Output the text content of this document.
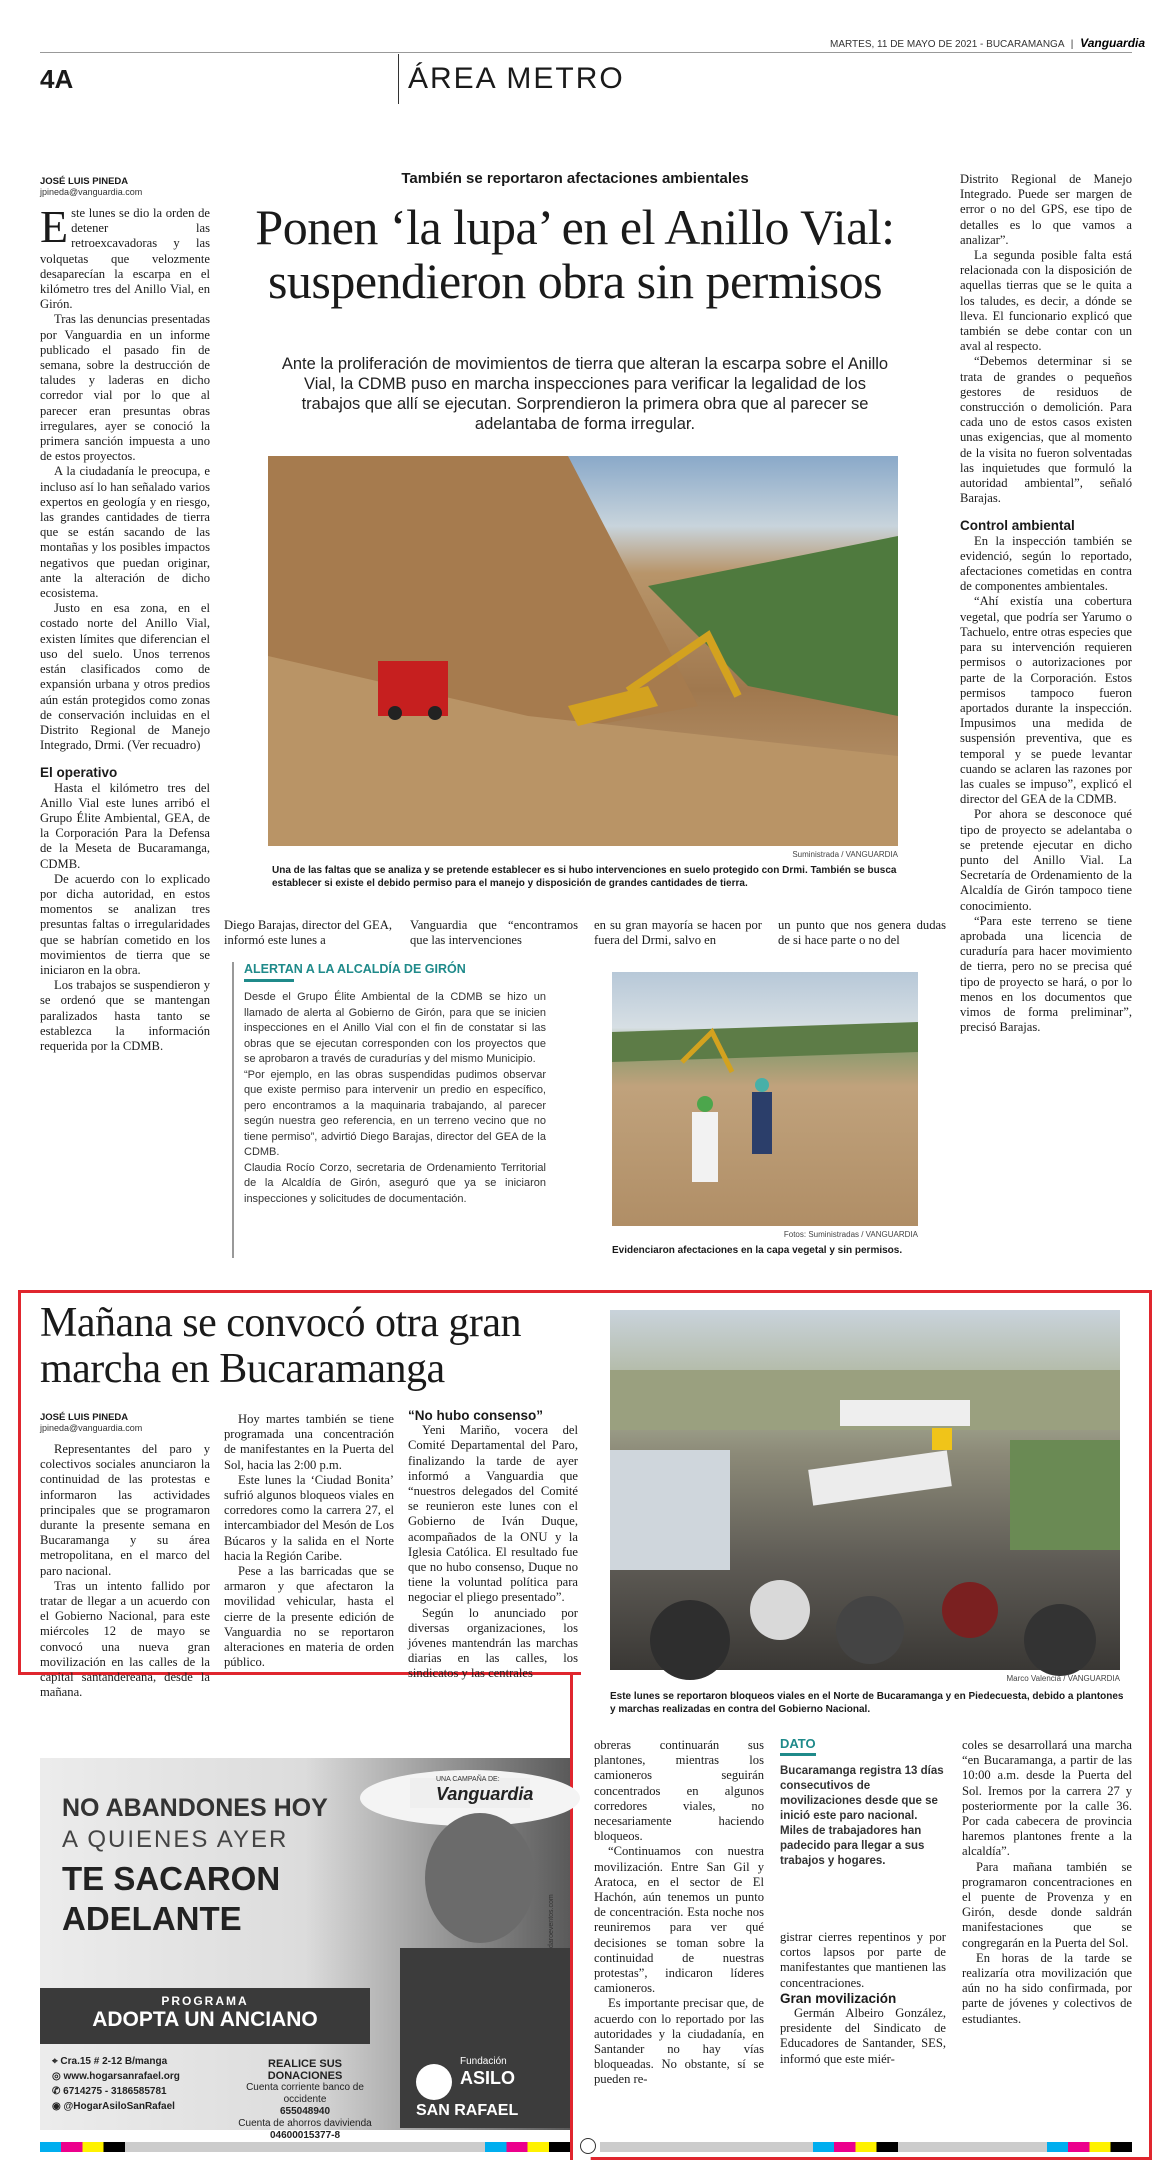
MARTES, 11 DE MAYO DE 2021 - BUCARAMANGA | Vanguardia
4A	ÁREA METRO
JOSÉ LUIS PINEDA
jpineda@vanguardia.com
También se reportaron afectaciones ambientales
Ponen ‘la lupa’ en el Anillo Vial: suspendieron obra sin permisos
Ante la proliferación de movimientos de tierra que alteran la escarpa sobre el Anillo Vial, la CDMB puso en marcha inspecciones para verificar la legalidad de los trabajos que allí se ejecutan. Sorprendieron la primera obra que al parecer se adelantaba de forma irregular.

Este lunes se dio la orden de detener las retroexcavadoras y las volquetas que velozmente desaparecían la escarpa en el kilómetro tres del Anillo Vial, en Girón.

Tras las denuncias presentadas por Vanguardia en un informe publicado el pasado fin de semana, sobre la destrucción de taludes y laderas en dicho corredor vial por lo que al parecer eran presuntas obras irregulares, ayer se conoció la primera sanción impuesta a uno de estos proyectos.

A la ciudadanía le preocupa, e incluso así lo han señalado varios expertos en geología y en riesgo, las grandes cantidades de tierra que se están sacando de las montañas y los posibles impactos negativos que puedan originar, ante la alteración de dicho ecosistema.

Justo en esa zona, en el costado norte del Anillo Vial, existen límites que diferencian el uso del suelo. Unos terrenos están clasificados como de expansión urbana y otros predios aún están protegidos como zonas de conservación incluidas en el Distrito Regional de Manejo Integrado, Drmi. (Ver recuadro)

El operativo

Hasta el kilómetro tres del Anillo Vial este lunes arribó el Grupo Élite Ambiental, GEA, de la Corporación Para la Defensa de la Meseta de Bucaramanga, CDMB.

De acuerdo con lo explicado por dicha autoridad, en estos momentos se analizan tres presuntas faltas o irregularidades que se habrían cometido en los movimientos de tierra que se iniciaron en la obra.

Los trabajos se suspendieron y se ordenó que se mantengan paralizados hasta tanto se establezca la información requerida por la CDMB.

Suministrada / VANGUARDIA
Una de las faltas que se analiza y se pretende establecer es si hubo intervenciones en suelo protegido con Drmi. También se busca establecer si existe el debido permiso para el manejo y disposición de grandes cantidades de tierra.
Diego Barajas, director del GEA, informó este lunes a
Vanguardia que “encontramos que las intervenciones
en su gran mayoría se hacen por fuera del Drmi, salvo en
un punto que nos genera dudas de si hace parte o no del
ALERTAN A LA ALCALDÍA DE GIRÓN
Desde el Grupo Élite Ambiental de la CDMB se hizo un llamado de alerta al Gobierno de Girón, para que se inicien inspecciones en el Anillo Vial con el fin de constatar si las obras que se ejecutan corresponden con los proyectos que se aprobaron a través de curadurías y del mismo Municipio.
“Por ejemplo, en las obras suspendidas pudimos observar que existe permiso para intervenir un predio en específico, pero encontramos a la maquinaria trabajando, al parecer según nuestra geo referencia, en un terreno vecino que no tiene permiso”, advirtió Diego Barajas, director del GEA de la CDMB.
Claudia Rocío Corzo, secretaria de Ordenamiento Territorial de la Alcaldía de Girón, aseguró que ya se iniciaron inspecciones y solicitudes de documentación.
Fotos: Suministradas / VANGUARDIA
Evidenciaron afectaciones en la capa vegetal y sin permisos.

Distrito Regional de Manejo Integrado. Puede ser margen de error o no del GPS, ese tipo de detalles es lo que vamos a analizar”.

La segunda posible falta está relacionada con la disposición de aquellas tierras que se le quita a los taludes, es decir, a dónde se lleva. El funcionario explicó que también se debe contar con un aval al respecto.

“Debemos determinar si se trata de grandes o pequeños gestores de residuos de construcción o demolición. Para cada uno de estos casos existen unas exigencias, que al momento de la visita no fueron solventadas las inquietudes que formuló la autoridad ambiental”, señaló Barajas.

Control ambiental

En la inspección también se evidenció, según lo reportado, afectaciones cometidas en contra de componentes ambientales.

“Ahí existía una cobertura vegetal, que podría ser Yarumo o Tachuelo, entre otras especies que para su intervención requieren permisos o autorizaciones por parte de la Corporación. Estos permisos tampoco fueron aportados durante la inspección. Impusimos una medida de suspensión preventiva, que es temporal y se puede levantar cuando se aclaren las razones por las cuales se impuso”, explicó el director del GEA de la CDMB.

Por ahora se desconoce qué tipo de proyecto se adelantaba o se pretende ejecutar en dicho punto del Anillo Vial. La Secretaría de Ordenamiento de la Alcaldía de Girón tampoco tiene conocimiento.

“Para este terreno se tiene aprobada una licencia de curaduría para hacer movimiento de tierra, pero no se precisa qué tipo de proyecto se hará, o por lo menos en los documentos que vimos de forma preliminar”, precisó Barajas.

Mañana se convocó otra gran marcha en Bucaramanga
JOSÉ LUIS PINEDA
jpineda@vanguardia.com

Representantes del paro y colectivos sociales anunciaron la continuidad de las protestas e informaron las actividades principales que se programaron durante la presente semana en Bucaramanga y su área metropolitana, en el marco del paro nacional.

Tras un intento fallido por tratar de llegar a un acuerdo con el Gobierno Nacional, para este miércoles 12 de mayo se convocó una nueva gran movilización en las calles de la capital santandereana, desde la mañana.

Hoy martes también se tiene programada una concentración de manifestantes en la Puerta del Sol, hacia las 2:00 p.m.

Este lunes la ‘Ciudad Bonita’ sufrió algunos bloqueos viales en corredores como la carrera 27, el intercambiador del Mesón de Los Búcaros y la salida en el Norte hacia la Región Caribe.

Pese a las barricadas que se armaron y que afectaron la movilidad vehicular, hasta el cierre de la presente edición de Vanguardia no se reportaron alteraciones en materia de orden público.

“No hubo consenso”

Yeni Mariño, vocera del Comité Departamental del Paro, finalizando la tarde de ayer informó a Vanguardia que “nuestros delegados del Comité se reunieron este lunes con el Gobierno de Iván Duque, acompañados de la ONU y la Iglesia Católica. El resultado fue que no hubo consenso, Duque no tiene la voluntad política para negociar el pliego presentado”.

Según lo anunciado por diversas organizaciones, los jóvenes mantendrán las marchas diarias en las calles, los sindicatos y las centrales	Marco Valencia / VANGUARDIA
Este lunes se reportaron bloqueos viales en el Norte de Bucaramanga y en Piedecuesta, debido a plantones y marchas realizadas en contra del Gobierno Nacional.

obreras continuarán sus plantones, mientras los camioneros seguirán concentrados en algunos corredores viales, no necesariamente haciendo bloqueos.

“Continuamos con nuestra movilización. Entre San Gil y Aratoca, en el sector de El Hachón, aún tenemos un punto de concentración. Esta noche nos reuniremos para ver qué decisiones se toman sobre la continuidad de nuestras protestas”, indicaron líderes camioneros.

Es importante precisar que, de acuerdo con lo reportado por las autoridades y la ciudadanía, en Santander no hay vías bloqueadas. No obstante, sí se pueden re-

DATO
Bucaramanga registra 13 días consecutivos de movilizaciones desde que se inició este paro nacional. Miles de trabajadores han padecido para llegar a sus trabajos y hogares.

gistrar cierres repentinos y por cortos lapsos por parte de manifestantes que mantienen las concentraciones.

Gran movilización

Germán Albeiro González, presidente del Sindicato de Educadores de Santander, SES, informó que este miér-

coles se desarrollará una marcha “en Bucaramanga, a partir de las 10:00 a.m. desde la Puerta del Sol. Iremos por la carrera 27 y posteriormente por la calle 36. Por cada cabecera de provincia haremos plantones frente a la alcaldía”.

Para mañana también se programaron concentraciones en el puente de Provenza y en Girón, desde donde saldrán manifestaciones que se congregarán en la Puerta del Sol.

En horas de la tarde se realizaría otra movilización que aún no ha sido confirmada, por parte de jóvenes y colectivos de estudiantes.

UNA CAMPAÑA DE:
Vanguardia
NO ABANDONES HOY
A QUIENES AYER
TE SACARON
ADELANTE
PROGRAMA
ADOPTA UN ANCIANO
⌖ Cra.15 # 2-12 B/manga
◎ www.hogarsanrafael.org
✆ 6714275 - 3186585781
◉ @HogarAsiloSanRafael
REALICE SUS DONACIONES
Cuenta corriente banco de occidente
655048940
Cuenta de ahorros davivienda
04600015377-8
Fundación
ASILO
SAN RAFAEL
daroeventos.com
